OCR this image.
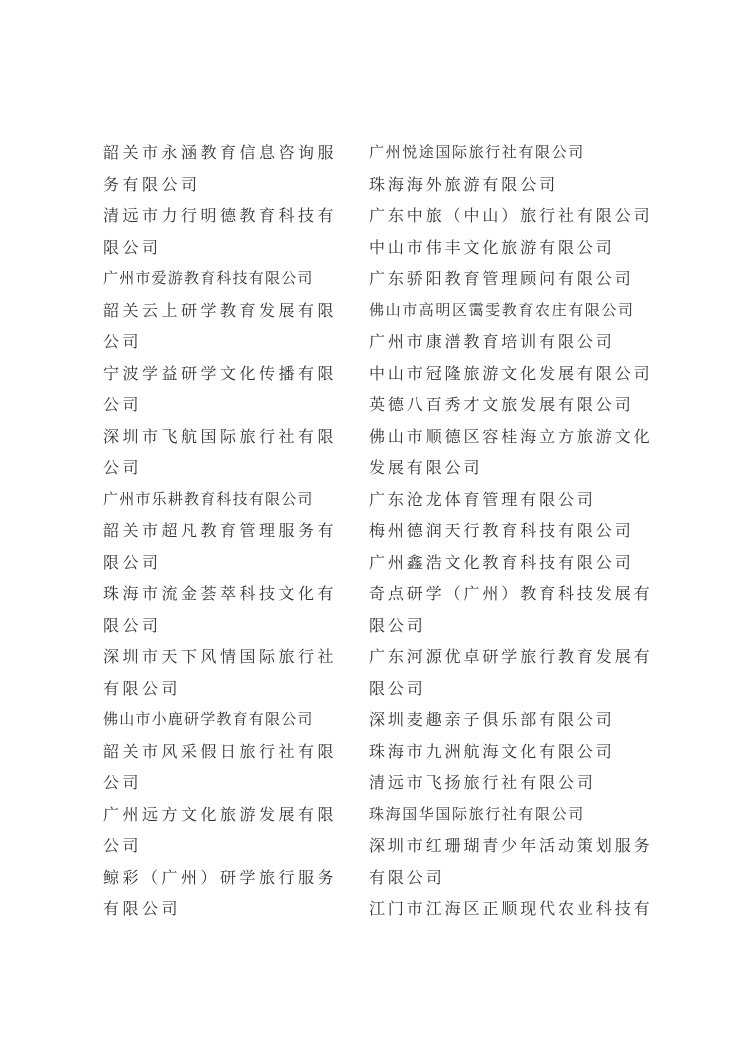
韶关市永涵教育信息咨询服务有限公司
清远市力行明德教育科技有限公司
广州市爱游教育科技有限公司
韶关云上研学教育发展有限公司
宁波学益研学文化传播有限公司
深圳市飞航国际旅行社有限公司
广州市乐耕教育科技有限公司
韶关市超凡教育管理服务有限公司
珠海市流金荟萃科技文化有限公司
深圳市天下风情国际旅行社有限公司
佛山市小鹿研学教育有限公司
韶关市风采假日旅行社有限公司
广州远方文化旅游发展有限公司
鲸彩（广州）研学旅行服务有限公司
广州悦途国际旅行社有限公司
珠海海外旅游有限公司
广东中旅（中山）旅行社有限公司
中山市伟丰文化旅游有限公司
广东骄阳教育管理顾问有限公司
佛山市高明区霭雯教育农庄有限公司
广州市康潽教育培训有限公司
中山市冠隆旅游文化发展有限公司
英德八百秀才文旅发展有限公司
佛山市顺德区容桂海立方旅游文化发展有限公司
广东沧龙体育管理有限公司
梅州德润天行教育科技有限公司
广州鑫浩文化教育科技有限公司
奇点研学（广州）教育科技发展有限公司
广东河源优卓研学旅行教育发展有限公司
深圳麦趣亲子俱乐部有限公司
珠海市九洲航海文化有限公司
清远市飞扬旅行社有限公司
珠海国华国际旅行社有限公司
深圳市红珊瑚青少年活动策划服务有限公司
江门市江海区正顺现代农业科技有
